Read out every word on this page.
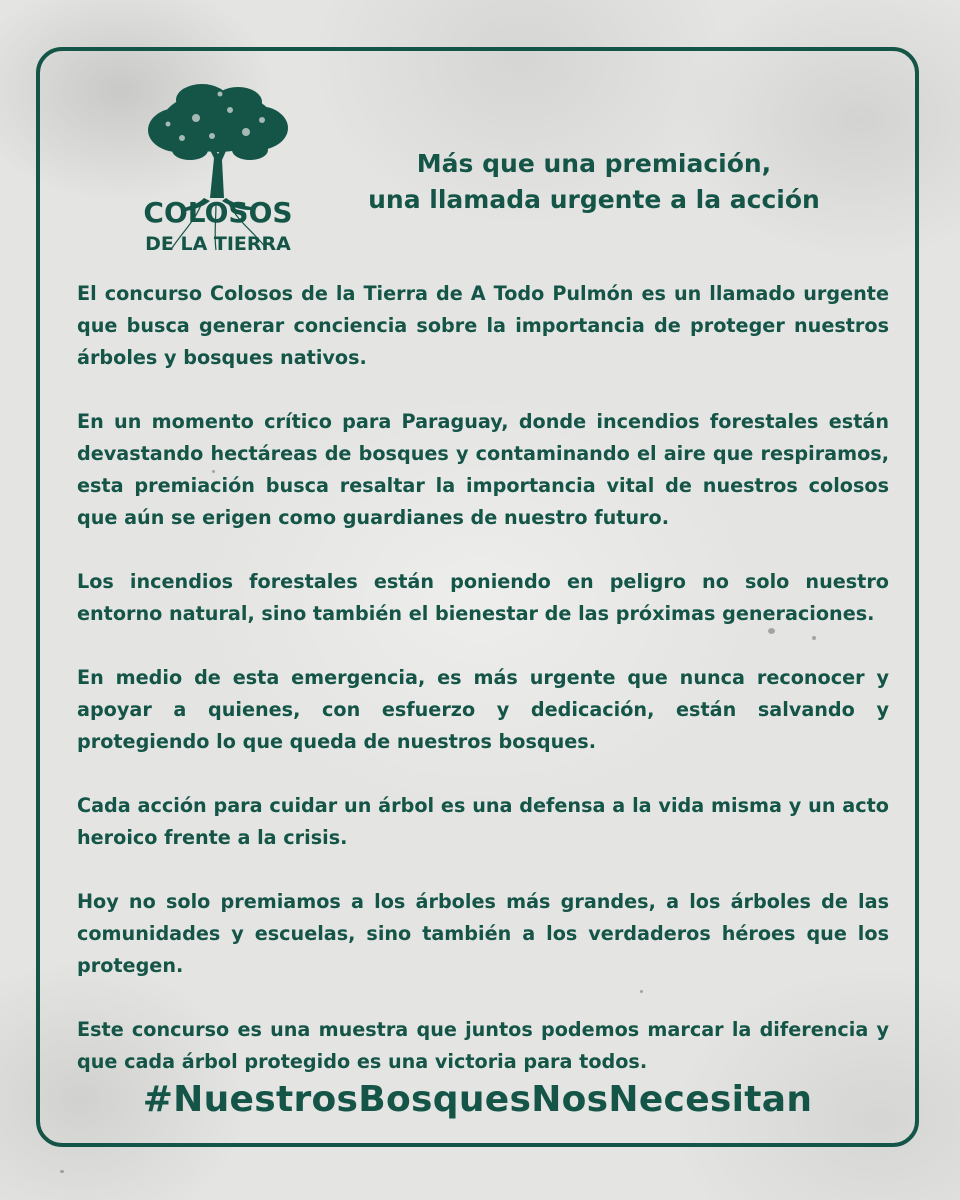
COLOSOS
DE LA TIERRA
Más que una premiación,
una llamada urgente a la acción

El concurso Colosos de la Tierra de A Todo Pulmón es un llamado urgente que busca generar conciencia sobre la importancia de proteger nuestros árboles y bosques nativos.

En un momento crítico para Paraguay, donde incendios forestales están devastando hectáreas de bosques y contaminando el aire que respiramos, esta premiación busca resaltar la importancia vital de nuestros colosos que aún se erigen como guardianes de nuestro futuro.

Los incendios forestales están poniendo en peligro no solo nuestro entorno natural, sino también el bienestar de las próximas generaciones.

En medio de esta emergencia, es más urgente que nunca reconocer y apoyar a quienes, con esfuerzo y dedicación, están salvando y protegiendo lo que queda de nuestros bosques.

Cada acción para cuidar un árbol es una defensa a la vida misma y un acto heroico frente a la crisis.

Hoy no solo premiamos a los árboles más grandes, a los árboles de las comunidades y escuelas, sino también a los verdaderos héroes que los protegen.

Este concurso es una muestra que juntos podemos marcar la diferencia y que cada árbol protegido es una victoria para todos.

#NuestrosBosquesNosNecesitan
